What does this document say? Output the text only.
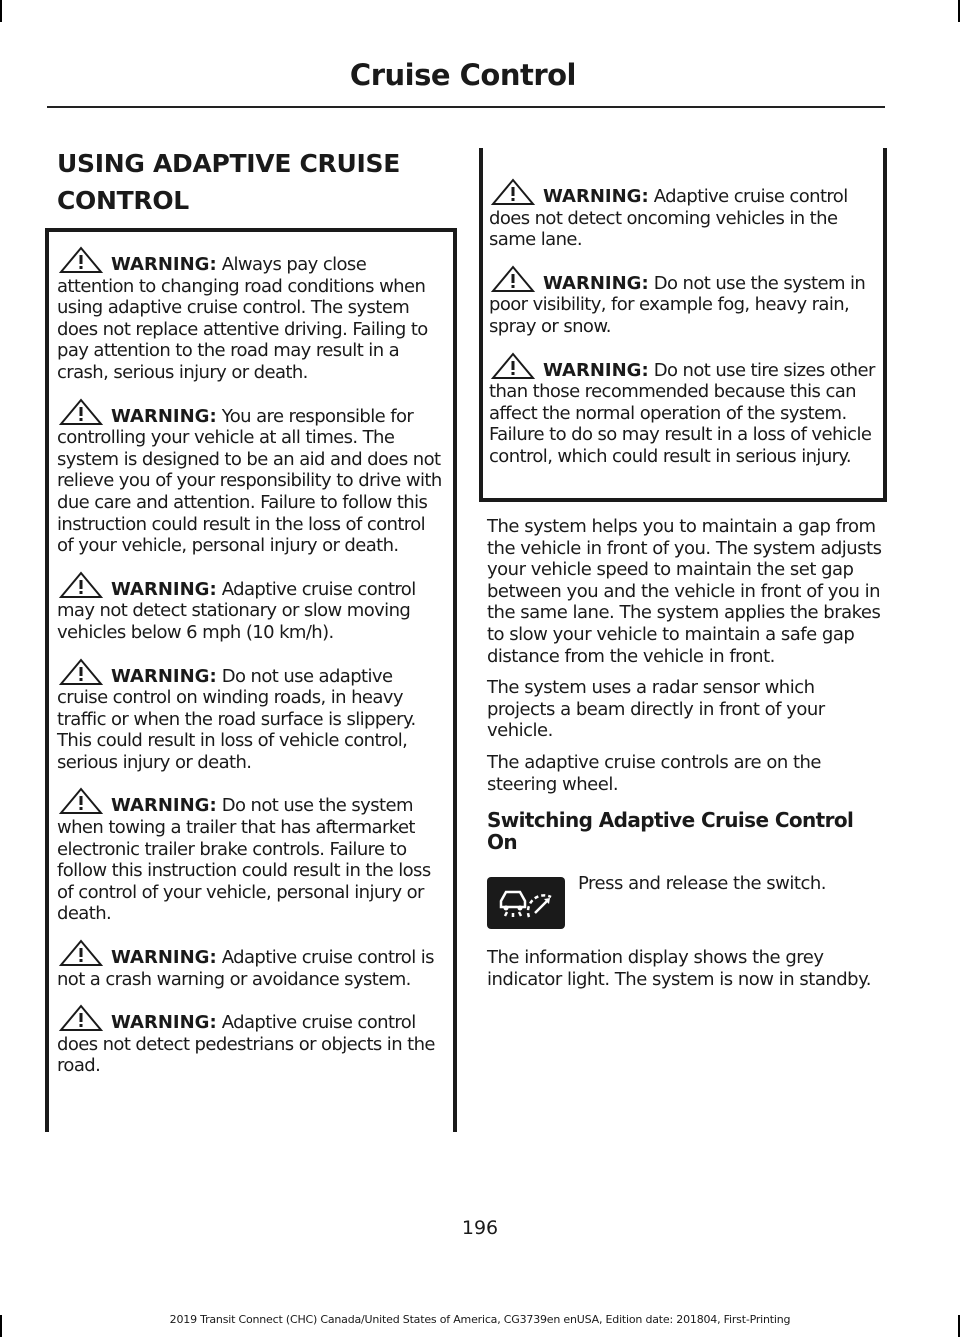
Cruise Control
USING ADAPTIVE CRUISE CONTROL
WARNING: Always pay close attention to changing road conditions when using adaptive cruise control. The system does not replace attentive driving. Failing to pay attention to the road may result in a crash, serious injury or death.
WARNING: You are responsible for controlling your vehicle at all times. The system is designed to be an aid and does not relieve you of your responsibility to drive with due care and attention. Failure to follow this instruction could result in the loss of control of your vehicle, personal injury or death.
WARNING: Adaptive cruise control may not detect stationary or slow moving vehicles below 6 mph (10 km/h).
WARNING: Do not use adaptive cruise control on winding roads, in heavy traffic or when the road surface is slippery. This could result in loss of vehicle control, serious injury or death.
WARNING: Do not use the system when towing a trailer that has aftermarket electronic trailer brake controls. Failure to follow this instruction could result in the loss of control of your vehicle, personal injury or death.
WARNING: Adaptive cruise control is not a crash warning or avoidance system.
WARNING: Adaptive cruise control does not detect pedestrians or objects in the road.
WARNING: Adaptive cruise control does not detect oncoming vehicles in the same lane.
WARNING: Do not use the system in poor visibility, for example fog, heavy rain, spray or snow.
WARNING: Do not use tire sizes other than those recommended because this can affect the normal operation of the system. Failure to do so may result in a loss of vehicle control, which could result in serious injury.

The system helps you to maintain a gap from the vehicle in front of you. The system adjusts your vehicle speed to maintain the set gap between you and the vehicle in front of you in the same lane. The system applies the brakes to slow your vehicle to maintain a safe gap distance from the vehicle in front.

The system uses a radar sensor which projects a beam directly in front of your vehicle.

The adaptive cruise controls are on the steering wheel.

Switching Adaptive Cruise Control On
Press and release the switch.

The information display shows the grey indicator light. The system is now in standby.

196
2019 Transit Connect (CHC) Canada/United States of America, CG3739en enUSA, Edition date: 201804, First-Printing
